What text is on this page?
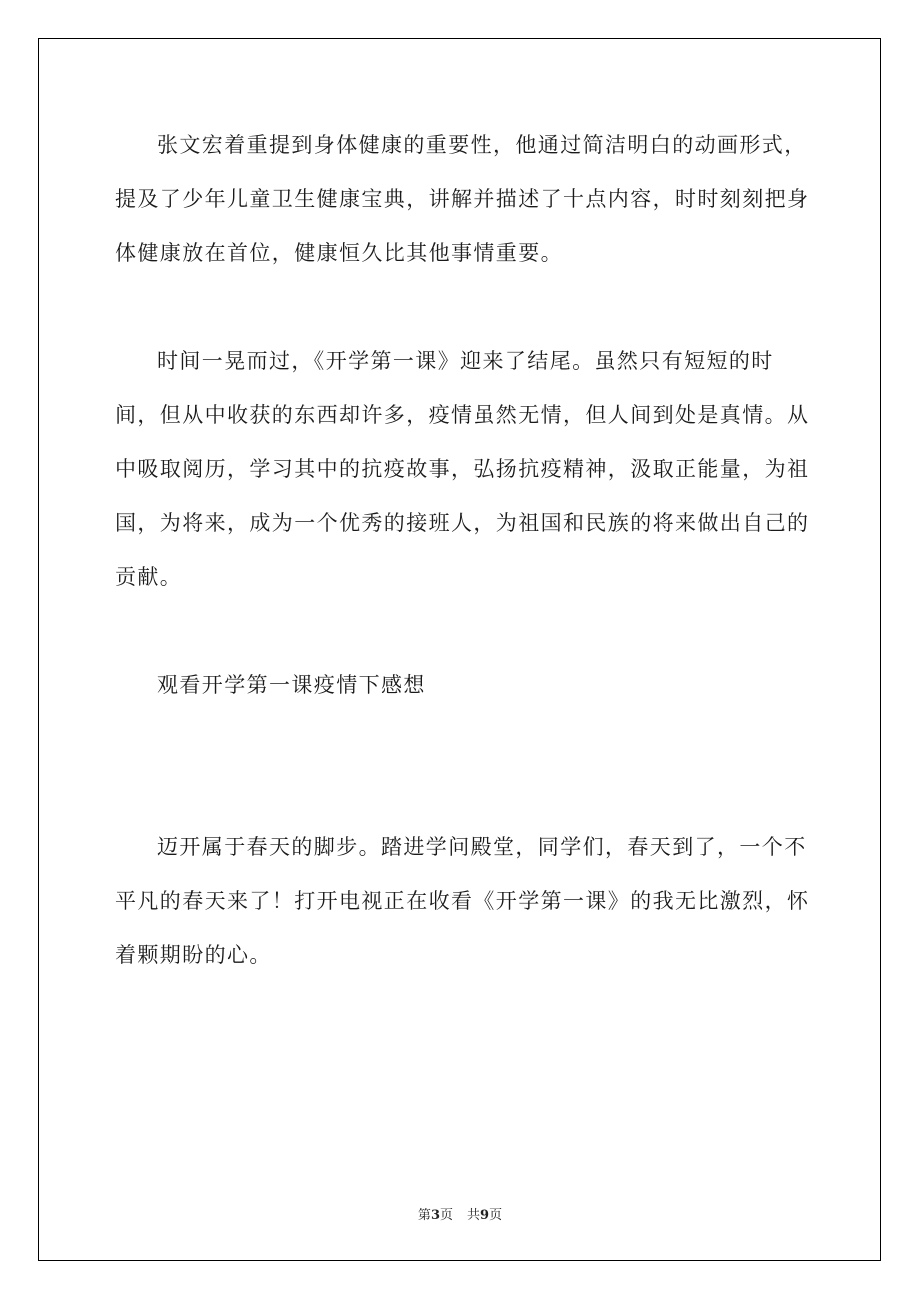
张文宏着重提到身体健康的重要性，他通过简洁明白的动画形式，提及了少年儿童卫生健康宝典，讲解并描述了十点内容，时时刻刻把身体健康放在首位，健康恒久比其他事情重要。

时间一晃而过，《开学第一课》迎来了结尾。虽然只有短短的时间，但从中收获的东西却许多，疫情虽然无情，但人间到处是真情。从中吸取阅历，学习其中的抗疫故事，弘扬抗疫精神，汲取正能量，为祖国，为将来，成为一个优秀的接班人，为祖国和民族的将来做出自己的贡献。

观看开学第一课疫情下感想

迈开属于春天的脚步。踏进学问殿堂，同学们，春天到了，一个不平凡的春天来了！打开电视正在收看《开学第一课》的我无比激烈，怀着颗期盼的心。

第3页 共9页
